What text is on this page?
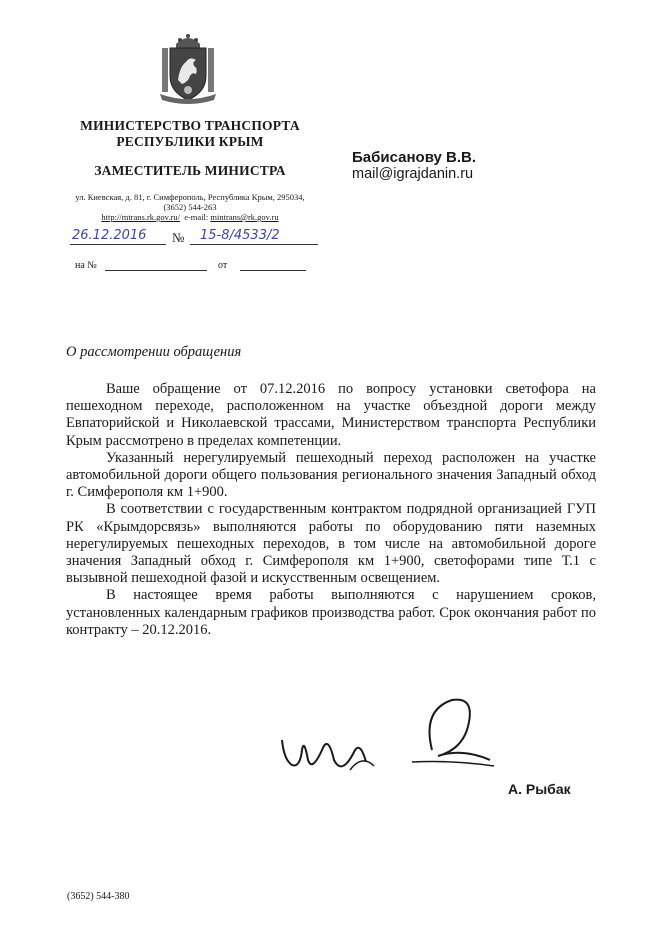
МИНИСТЕРСТВО ТРАНСПОРТА
РЕСПУБЛИКИ КРЫМ
ЗАМЕСТИТЕЛЬ МИНИСТРА
ул. Киевская, д. 81, г. Симферополь, Республика Крым, 295034,
(3652) 544-263
http://mtrans.rk.gov.ru/ e-mail: mintrans@rk.gov.ru
26.12.2016 № 15-8/4533/2
на №	от
Бабисанову В.В.
mail@igrajdanin.ru
О рассмотрении обращения

Ваше обращение от 07.12.2016 по вопросу установки светофора на пешеходном переходе, расположенном на участке объездной дороги между Евпаторийской и Николаевской трассами, Министерством транспорта Республики Крым рассмотрено в пределах компетенции.

Указанный нерегулируемый пешеходный переход расположен на участке автомобильной дороги общего пользования регионального значения Западный обход г. Симферополя км 1+900.

В соответствии с государственным контрактом подрядной организацией ГУП РК «Крымдорсвязь» выполняются работы по оборудованию пяти наземных нерегулируемых пешеходных переходов, в том числе на автомобильной дороге значения Западный обход г. Симферополя км 1+900, светофорами типе Т.1 с вызывной пешеходной фазой и искусственным освещением.

В настоящее время работы выполняются с нарушением сроков, установленных календарным графиков производства работ. Срок окончания работ по контракту – 20.12.2016.

А. Рыбак
(3652) 544-380
